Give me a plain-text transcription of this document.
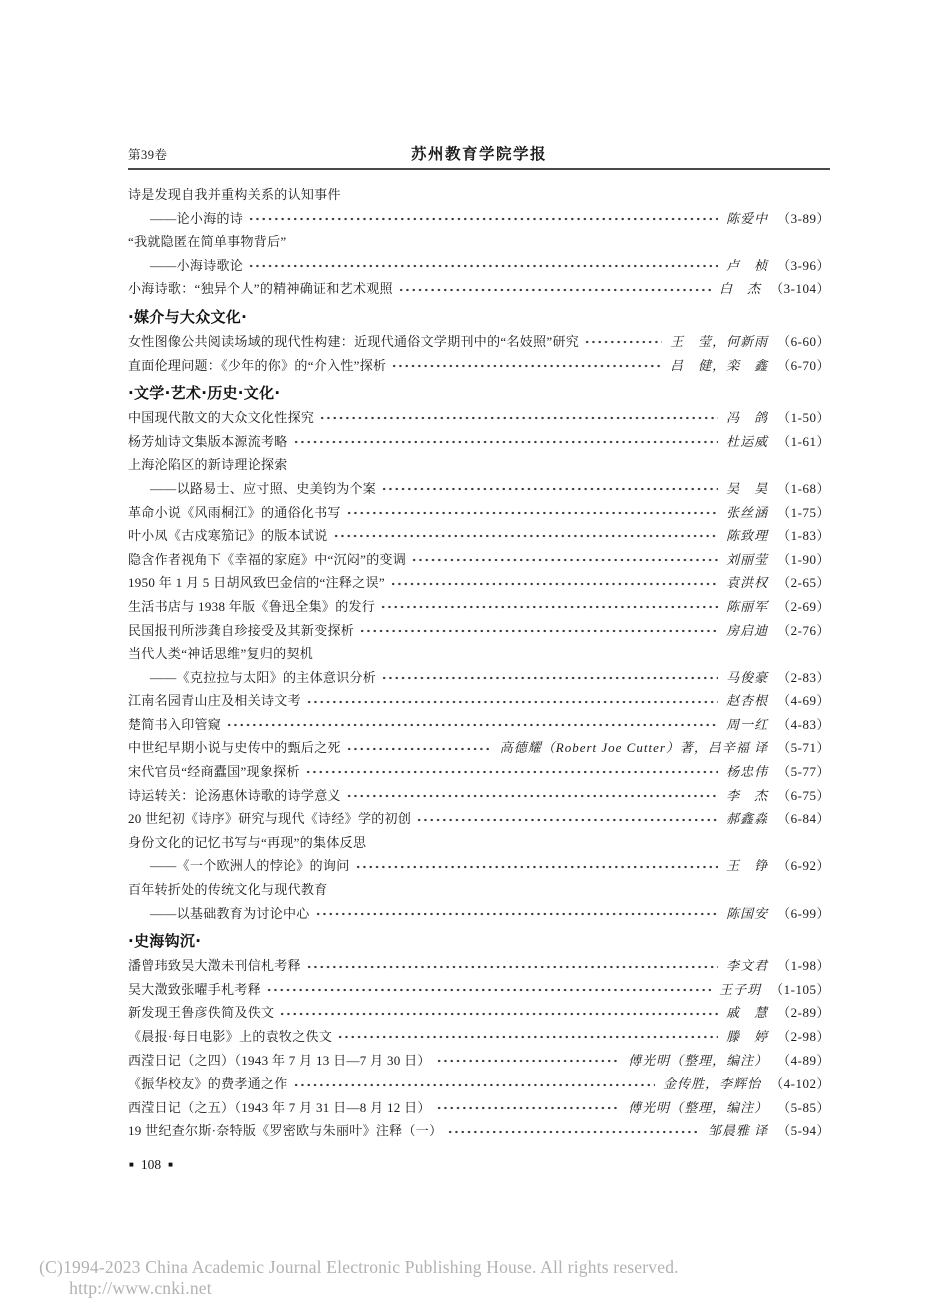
第39卷	苏州教育学院学报
诗是发现自我并重构关系的认知事件
——论小海的诗	陈爱中 （3-89）
“我就隐匿在简单事物背后”
——小海诗歌论	卢　桢 （3-96）
小海诗歌：“独异个人”的精神确证和艺术观照	白　杰 （3-104）
·媒介与大众文化·
女性图像公共阅读场域的现代性构建：近现代通俗文学期刊中的“名妓照”研究	王　莹，何新雨 （6-60）
直面伦理问题：《少年的你》的“介入性”探析	吕　健，栾　鑫 （6-70）
·文学·艺术·历史·文化·
中国现代散文的大众文化性探究	冯　鸽 （1-50）
杨芳灿诗文集版本源流考略	杜运威 （1-61）
上海沦陷区的新诗理论探索
——以路易士、应寸照、史美钧为个案	吴　昊 （1-68）
革命小说《风雨桐江》的通俗化书写	张丝涵 （1-75）
叶小凤《古戍寒笳记》的版本试说	陈致理 （1-83）
隐含作者视角下《幸福的家庭》中“沉闷”的变调	刘丽莹 （1-90）
1950 年 1 月 5 日胡风致巴金信的“注释之误”	袁洪权 （2-65）
生活书店与 1938 年版《鲁迅全集》的发行	陈丽军 （2-69）
民国报刊所涉龚自珍接受及其新变探析	房启迪 （2-76）
当代人类“神话思维”复归的契机
——《克拉拉与太阳》的主体意识分析	马俊豪 （2-83）
江南名园青山庄及相关诗文考	赵杏根 （4-69）
楚简书入印管窥	周一红 （4-83）
中世纪早期小说与史传中的甄后之死	高德耀（Robert Joe Cutter）著，吕辛福 译 （5-71）
宋代官员“经商蠹国”现象探析	杨忠伟 （5-77）
诗运转关：论汤惠休诗歌的诗学意义	李　杰 （6-75）
20 世纪初《诗序》研究与现代《诗经》学的初创	郝鑫淼 （6-84）
身份文化的记忆书写与“再现”的集体反思
——《一个欧洲人的悖论》的询问	王　铮 （6-92）
百年转折处的传统文化与现代教育
——以基础教育为讨论中心	陈国安 （6-99）
·史海钩沉·
潘曾玮致吴大澂未刊信札考释	李文君 （1-98）
吴大澂致张曜手札考释	王子玥 （1-105）
新发现王鲁彦佚简及佚文	戚　慧 （2-89）
《晨报·每日电影》上的袁牧之佚文	滕　婷 （2-98）
西滢日记（之四）（1943 年 7 月 13 日—7 月 30 日）	傅光明（整理，编注） （4-89）
《振华校友》的费孝通之作	金传胜，李辉怡 （4-102）
西滢日记（之五）（1943 年 7 月 31 日—8 月 12 日）	傅光明（整理，编注） （5-85）
19 世纪查尔斯·奈特版《罗密欧与朱丽叶》注释（一）	邹晨雅 译 （5-94）
■ 108 ■

(C)1994-2023 China Academic Journal Electronic Publishing House. All rights reserved.
http://www.cnki.net
